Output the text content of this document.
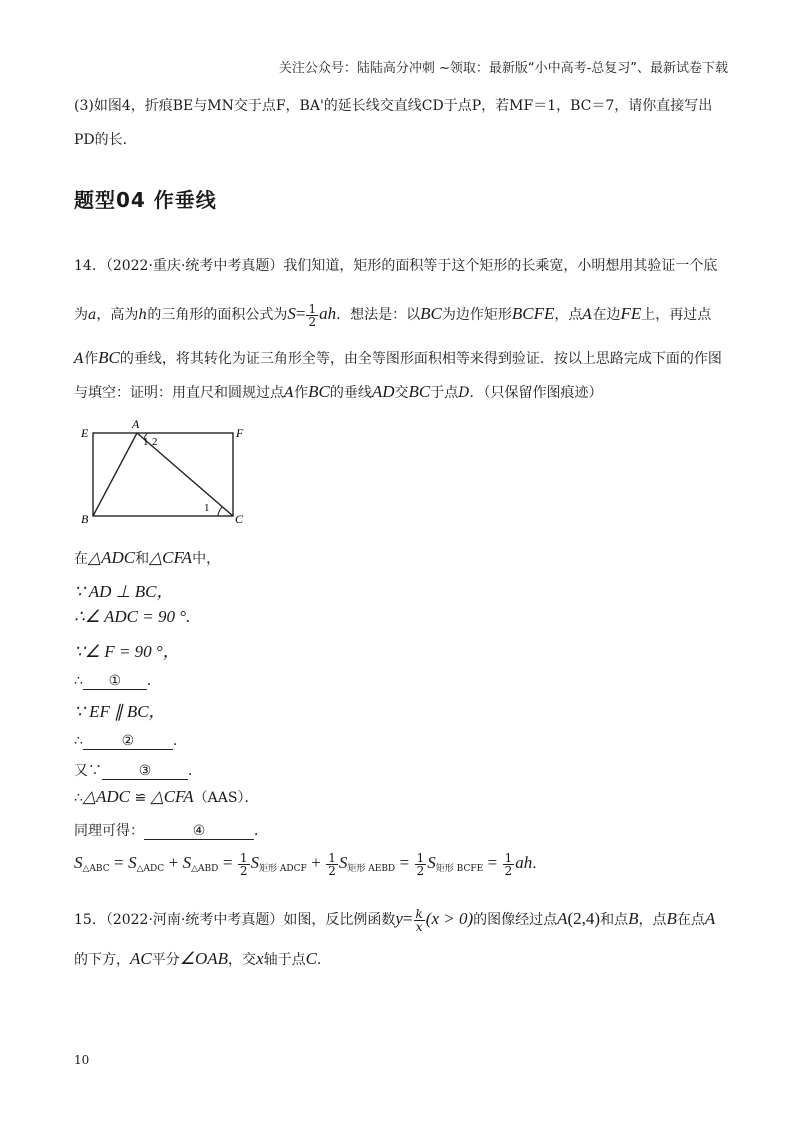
关注公众号：陆陆高分冲刺 ~领取：最新版“小中高考-总复习”、最新试卷下载
(3)如图4，折痕BE与MN交于点F，BA'的延长线交直线CD于点P，若MF＝1，BC＝7，请你直接写出
PD的长．
题型04 作垂线
14．（2022·重庆·统考中考真题）我们知道，矩形的面积等于这个矩形的长乘宽，小明想用其验证一个底
为a，高为h的三角形的面积公式为$S= \frac{1}{2}$ ah．想法是：以BC为边作矩形BCFE，点A在边FE上，再过点
A作BC的垂线，将其转化为证三角形全等，由全等图形面积相等来得到验证．按以上思路完成下面的作图
与填空：证明：用直尺和圆规过点A作BC的垂线AD交BC于点D．（只保留作图痕迹）
E
A
F
B	C
1 2
1
在△ADC和△CFA中，
∵ AD ⊥ BC，
∴∠ ADC = 90 °.
∵∠ F = 90 °，
∴ ① ．
∵ EF ∥ BC，
∴	②	．
又∵	③	．
∴△ADC ≌ △CFA（AAS）．
同理可得：	④	．
$S_{\triangle ABC} = S_{\triangle ADC} + S_{\triangle ABD} = \frac{1}{2} S_{矩形 ADCF} + \frac{1}{2} S_{矩形 AEBD} = \frac{1}{2} S_{矩形 BCFE} = \frac{1}{2}$ ah.
15．（2022·河南·统考中考真题）如图，反比例函数$y= \frac{k}{x} (x > 0)$的图像经过点A(2,4)和点B，点B在点A
的下方，AC平分∠OAB，交x轴于点C.
10
